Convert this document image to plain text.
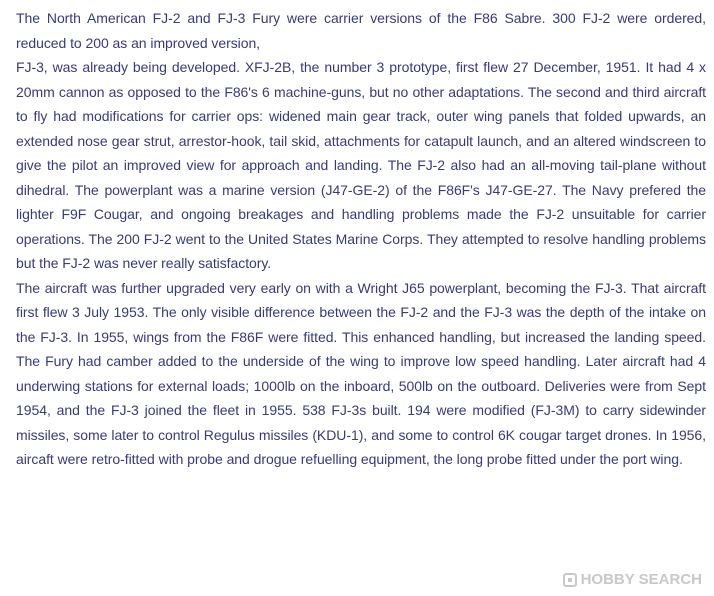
The North American FJ-2 and FJ-3 Fury were carrier versions of the F86 Sabre. 300 FJ-2 were ordered, reduced to 200 as an improved version,

FJ-3, was already being developed. XFJ-2B, the number 3 prototype, first flew 27 December, 1951. It had 4 x 20mm cannon as opposed to the F86's 6 machine-guns, but no other adaptations. The second and third aircraft to fly had modifications for carrier ops: widened main gear track, outer wing panels that folded upwards, an extended nose gear strut, arrestor-hook, tail skid, attachments for catapult launch, and an altered windscreen to give the pilot an improved view for approach and landing. The FJ-2 also had an all-moving tail-plane without dihedral. The powerplant was a marine version (J47-GE-2) of the F86F's J47-GE-27. The Navy prefered the lighter F9F Cougar, and ongoing breakages and handling problems made the FJ-2 unsuitable for carrier operations. The 200 FJ-2 went to the United States Marine Corps. They attempted to resolve handling problems but the FJ-2 was never really satisfactory.

The aircraft was further upgraded very early on with a Wright J65 powerplant, becoming the FJ-3. That aircraft first flew 3 July 1953. The only visible difference between the FJ-2 and the FJ-3 was the depth of the intake on the FJ-3. In 1955, wings from the F86F were fitted. This enhanced handling, but increased the landing speed. The Fury had camber added to the underside of the wing to improve low speed handling. Later aircraft had 4 underwing stations for external loads; 1000lb on the inboard, 500lb on the outboard. Deliveries were from Sept 1954, and the FJ-3 joined the fleet in 1955. 538 FJ-3s built. 194 were modified (FJ-3M) to carry sidewinder missiles, some later to control Regulus missiles (KDU-1), and some to control 6K cougar target drones. In 1956, aircaft were retro-fitted with probe and drogue refuelling equipment, the long probe fitted under the port wing.

HOBBY SEARCH
